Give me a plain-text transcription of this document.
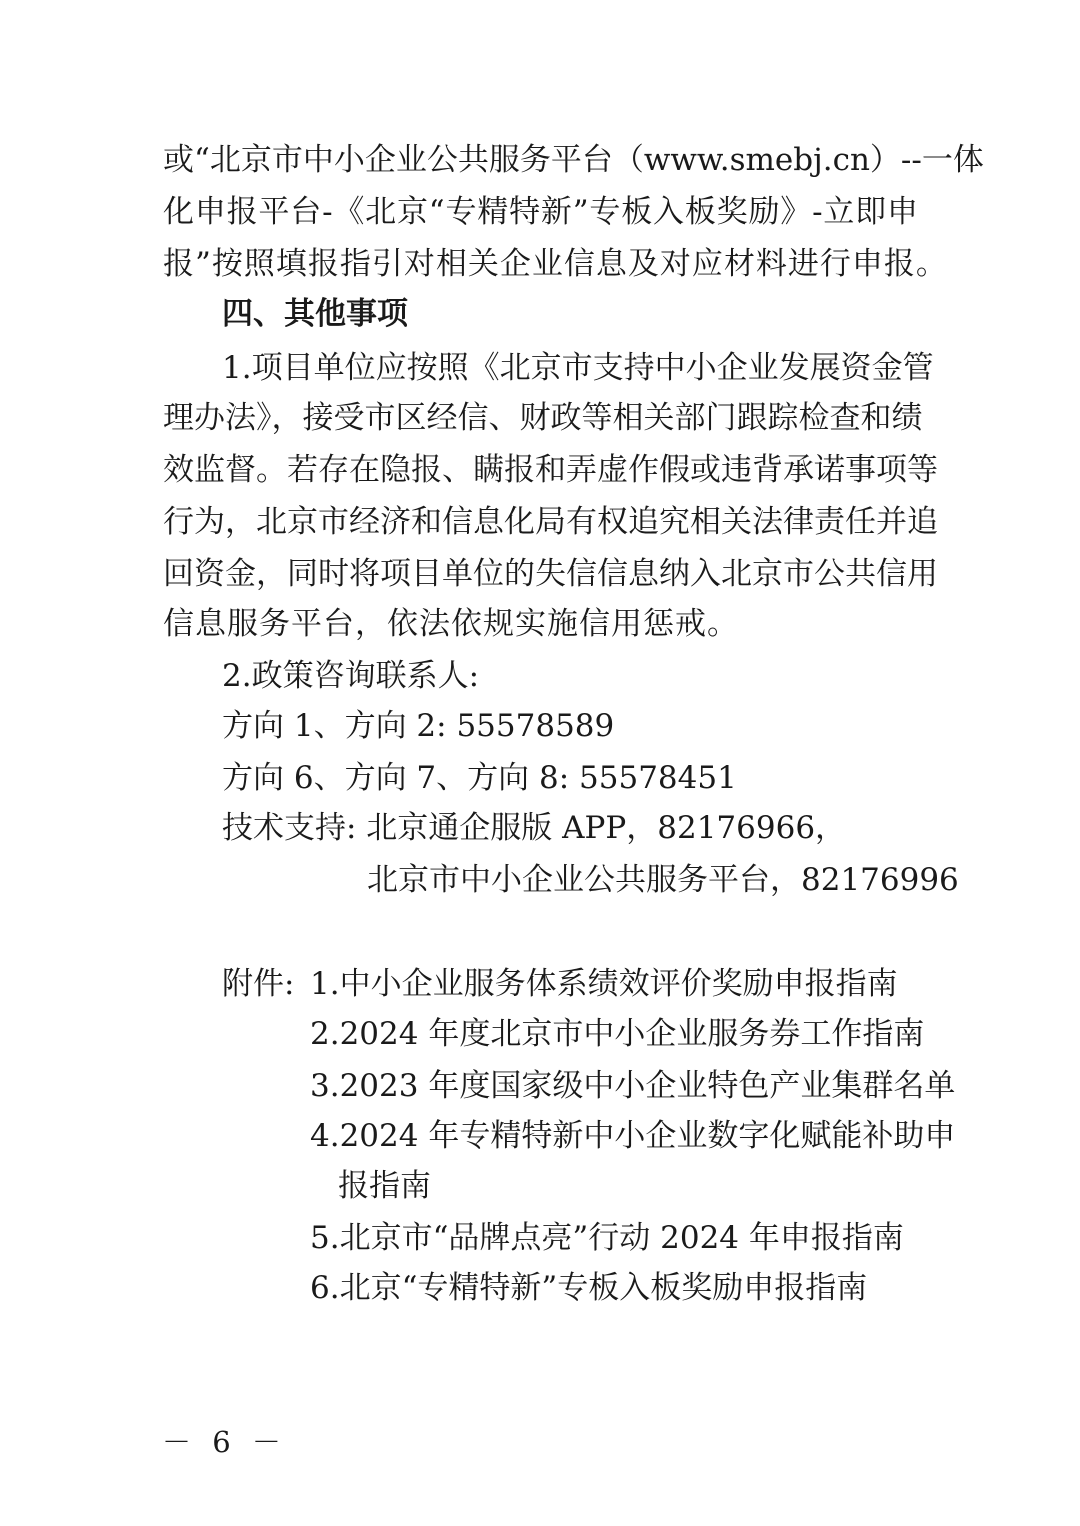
或“北京市中小企业公共服务平台（www.smebj.cn）--一体
化申报平台-《北京“专精特新”专板入板奖励》-立即申
报”按照填报指引对相关企业信息及对应材料进行申报。
四、其他事项
1.项目单位应按照《北京市支持中小企业发展资金管
理办法》，接受市区经信、财政等相关部门跟踪检查和绩
效监督。若存在隐报、瞒报和弄虚作假或违背承诺事项等
行为，北京市经济和信息化局有权追究相关法律责任并追
回资金，同时将项目单位的失信信息纳入北京市公共信用
信息服务平台，依法依规实施信用惩戒。
2.政策咨询联系人:
方向 1、方向 2: 55578589
方向 6、方向 7、方向 8: 55578451
技术支持: 北京通企服版 APP，82176966，
北京市中小企业公共服务平台，82176996
附件: 1.中小企业服务体系绩效评价奖励申报指南
2.2024 年度北京市中小企业服务券工作指南
3.2023 年度国家级中小企业特色产业集群名单
4.2024 年专精特新中小企业数字化赋能补助申
报指南
5.北京市“品牌点亮”行动 2024 年申报指南
6.北京“专精特新”专板入板奖励申报指南
－ 6 －
